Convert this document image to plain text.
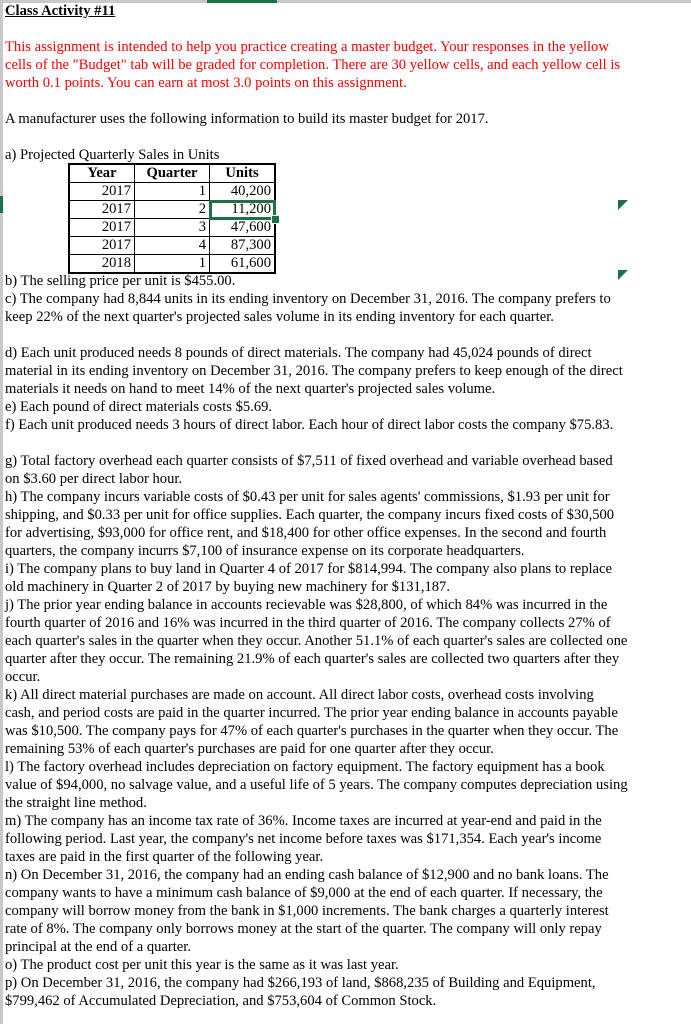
Class Activity #11
This assignment is intended to help you practice creating a master budget. Your responses in the yellow
cells of the "Budget" tab will be graded for completion. There are 30 yellow cells, and each yellow cell is
worth 0.1 points. You can earn at most 3.0 points on this assignment.
A manufacturer uses the following information to build its master budget for 2017.
a) Projected Quarterly Sales in Units
b) The selling price per unit is $455.00.
c) The company had 8,844 units in its ending inventory on December 31, 2016. The company prefers to
keep 22% of the next quarter's projected sales volume in its ending inventory for each quarter.
d) Each unit produced needs 8 pounds of direct materials. The company had 45,024 pounds of direct
material in its ending inventory on December 31, 2016. The company prefers to keep enough of the direct
materials it needs on hand to meet 14% of the next quarter's projected sales volume.
e) Each pound of direct materials costs $5.69.
f) Each unit produced needs 3 hours of direct labor. Each hour of direct labor costs the company $75.83.
g) Total factory overhead each quarter consists of $7,511 of fixed overhead and variable overhead based
on $3.60 per direct labor hour.
h) The company incurs variable costs of $0.43 per unit for sales agents' commissions, $1.93 per unit for
shipping, and $0.33 per unit for office supplies. Each quarter, the company incurs fixed costs of $30,500
for advertising, $93,000 for office rent, and $18,400 for other office expenses. In the second and fourth
quarters, the company incurrs $7,100 of insurance expense on its corporate headquarters.
i) The company plans to buy land in Quarter 4 of 2017 for $814,994. The company also plans to replace
old machinery in Quarter 2 of 2017 by buying new machinery for $131,187.
j) The prior year ending balance in accounts recievable was $28,800, of which 84% was incurred in the
fourth quarter of 2016 and 16% was incurred in the third quarter of 2016. The company collects 27% of
each quarter's sales in the quarter when they occur. Another 51.1% of each quarter's sales are collected one
quarter after they occur. The remaining 21.9% of each quarter's sales are collected two quarters after they
occur.
k) All direct material purchases are made on account. All direct labor costs, overhead costs involving
cash, and period costs are paid in the quarter incurred. The prior year ending balance in accounts payable
was $10,500. The company pays for 47% of each quarter's purchases in the quarter when they occur. The
remaining 53% of each quarter's purchases are paid for one quarter after they occur.
l) The factory overhead includes depreciation on factory equipment. The factory equipment has a book
value of $94,000, no salvage value, and a useful life of 5 years. The company computes depreciation using
the straight line method.
m) The company has an income tax rate of 36%. Income taxes are incurred at year-end and paid in the
following period. Last year, the company's net income before taxes was $171,354. Each year's income
taxes are paid in the first quarter of the following year.
n) On December 31, 2016, the company had an ending cash balance of $12,900 and no bank loans. The
company wants to have a minimum cash balance of $9,000 at the end of each quarter. If necessary, the
company will borrow money from the bank in $1,000 increments. The bank charges a quarterly interest
rate of 8%. The company only borrows money at the start of the quarter. The company will only repay
principal at the end of a quarter.
o) The product cost per unit this year is the same as it was last year.
p) On December 31, 2016, the company had $266,193 of land, $868,235 of Building and Equipment,
$799,462 of Accumulated Depreciation, and $753,604 of Common Stock.
Year	Quarter	Units
2017	1	40,200
2017	2	11,200

2017	3	47,600
2017	4	87,300
2018	1	61,600
